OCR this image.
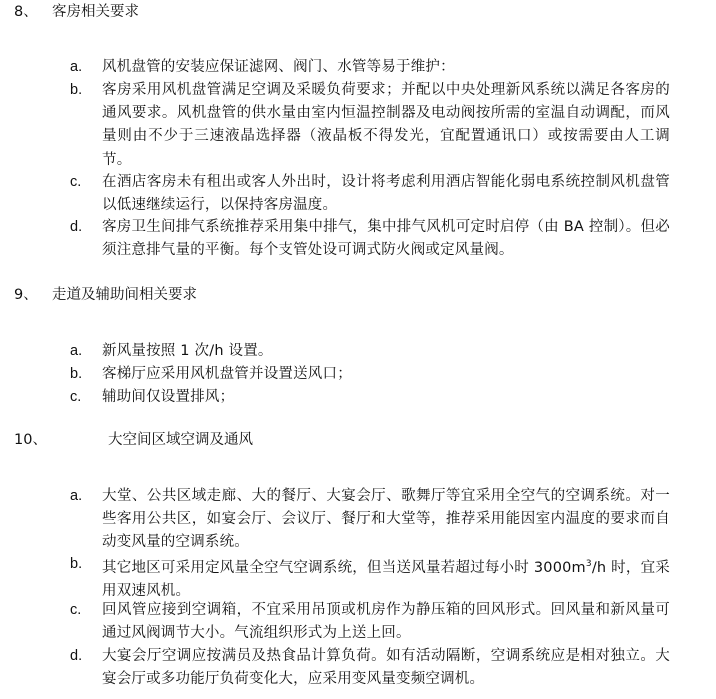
8、 客房相关要求
a. 风机盘管的安装应保证滤网、阀门、水管等易于维护：
b. 客房采用风机盘管满足空调及采暖负荷要求；并配以中央处理新风系统以满足各客房的通风要求。风机盘管的供水量由室内恒温控制器及电动阀按所需的室温自动调配，而风量则由不少于三速液晶选择器（液晶板不得发光，宜配置通讯口）或按需要由人工调节。
c. 在酒店客房未有租出或客人外出时，设计将考虑利用酒店智能化弱电系统控制风机盘管以低速继续运行，以保持客房温度。
d. 客房卫生间排气系统推荐采用集中排气，集中排气风机可定时启停（由 BA 控制）。但必须注意排气量的平衡。每个支管处设可调式防火阀或定风量阀。
9、 走道及辅助间相关要求
a. 新风量按照 1 次/h 设置。
b. 客梯厅应采用风机盘管并设置送风口；
c. 辅助间仅设置排风；
10、	大空间区域空调及通风
a. 大堂、公共区域走廊、大的餐厅、大宴会厅、歌舞厅等宜采用全空气的空调系统。对一些客用公共区，如宴会厅、会议厅、餐厅和大堂等，推荐采用能因室内温度的要求而自动变风量的空调系统。
b. 其它地区可采用定风量全空气空调系统，但当送风量若超过每小时 $3000m^3/h$ 时，宜采用双速风机。
c. 回风管应接到空调箱，不宜采用吊顶或机房作为静压箱的回风形式。回风量和新风量可通过风阀调节大小。气流组织形式为上送上回。
d. 大宴会厅空调应按满员及热食品计算负荷。如有活动隔断，空调系统应是相对独立。大宴会厅或多功能厅负荷变化大，应采用变风量变频空调机。
